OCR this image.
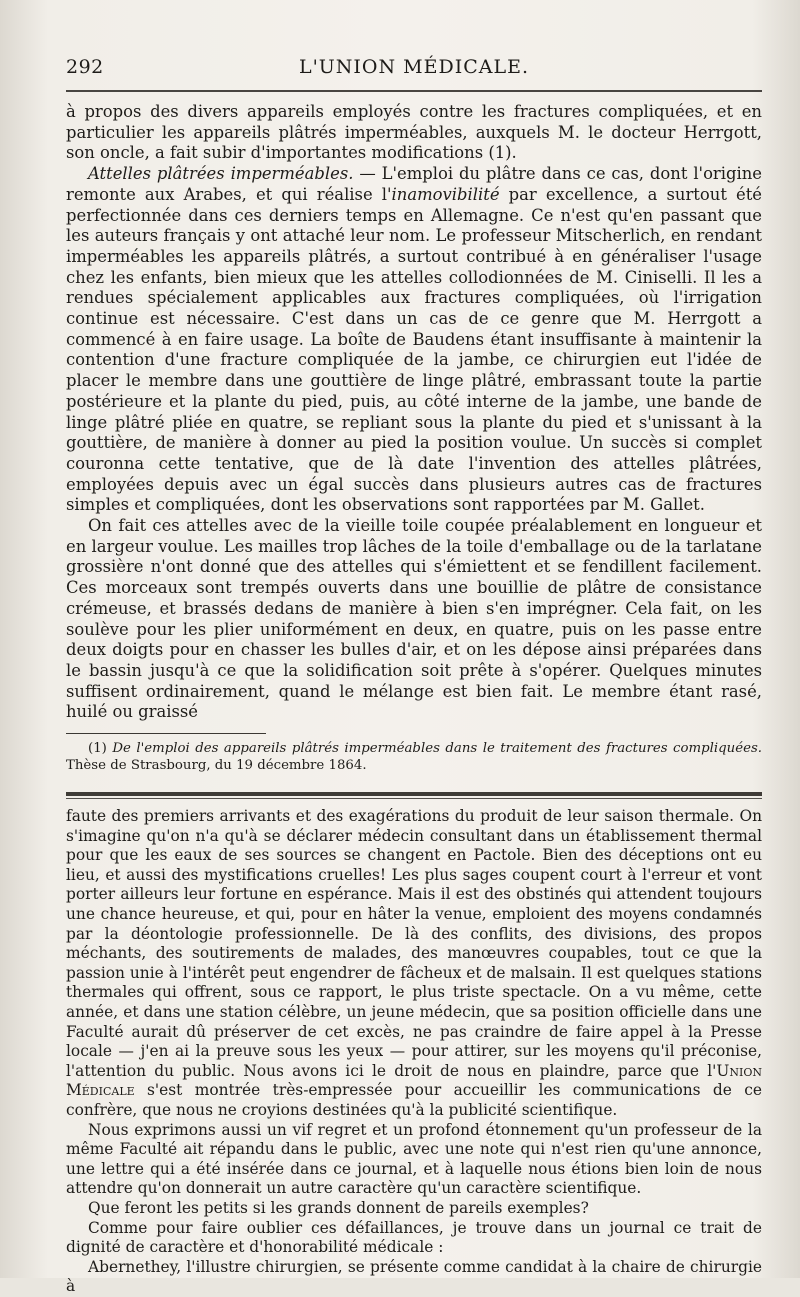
292	L'UNION MÉDICALE.

à propos des divers appareils employés contre les fractures compliquées, et en particulier les appareils plâtrés imperméables, auxquels M. le docteur Herrgott, son oncle, a fait subir d'importantes modifications (1).

Attelles plâtrées imperméables. — L'emploi du plâtre dans ce cas, dont l'origine remonte aux Arabes, et qui réalise l'inamovibilité par excellence, a surtout été perfectionnée dans ces derniers temps en Allemagne. Ce n'est qu'en passant que les auteurs français y ont attaché leur nom. Le professeur Mitscherlich, en rendant imperméables les appareils plâtrés, a surtout contribué à en généraliser l'usage chez les enfants, bien mieux que les attelles collodionnées de M. Ciniselli. Il les a rendues spécialement applicables aux fractures compliquées, où l'irrigation continue est nécessaire. C'est dans un cas de ce genre que M. Herrgott a commencé à en faire usage. La boîte de Baudens étant insuffisante à maintenir la contention d'une fracture compliquée de la jambe, ce chirurgien eut l'idée de placer le membre dans une gouttière de linge plâtré, embrassant toute la partie postérieure et la plante du pied, puis, au côté interne de la jambe, une bande de linge plâtré pliée en quatre, se repliant sous la plante du pied et s'unissant à la gouttière, de manière à donner au pied la position voulue. Un succès si complet couronna cette tentative, que de là date l'invention des attelles plâtrées, employées depuis avec un égal succès dans plusieurs autres cas de fractures simples et compliquées, dont les observations sont rapportées par M. Gallet.

On fait ces attelles avec de la vieille toile coupée préalablement en longueur et en largeur voulue. Les mailles trop lâches de la toile d'emballage ou de la tarlatane grossière n'ont donné que des attelles qui s'émiettent et se fendillent facilement. Ces morceaux sont trempés ouverts dans une bouillie de plâtre de consistance crémeuse, et brassés dedans de manière à bien s'en imprégner. Cela fait, on les soulève pour les plier uniformément en deux, en quatre, puis on les passe entre deux doigts pour en chasser les bulles d'air, et on les dépose ainsi préparées dans le bassin jusqu'à ce que la solidification soit prête à s'opérer. Quelques minutes suffisent ordinairement, quand le mélange est bien fait. Le membre étant rasé, huilé ou graissé

(1) De l'emploi des appareils plâtrés imperméables dans le traitement des fractures compliquées. Thèse de Strasbourg, du 19 décembre 1864.

faute des premiers arrivants et des exagérations du produit de leur saison thermale. On s'imagine qu'on n'a qu'à se déclarer médecin consultant dans un établissement thermal pour que les eaux de ses sources se changent en Pactole. Bien des déceptions ont eu lieu, et aussi des mystifications cruelles! Les plus sages coupent court à l'erreur et vont porter ailleurs leur fortune en espérance. Mais il est des obstinés qui attendent toujours une chance heureuse, et qui, pour en hâter la venue, emploient des moyens condamnés par la déontologie professionnelle. De là des conflits, des divisions, des propos méchants, des soutirements de malades, des manœuvres coupables, tout ce que la passion unie à l'intérêt peut engendrer de fâcheux et de malsain. Il est quelques stations thermales qui offrent, sous ce rapport, le plus triste spectacle. On a vu même, cette année, et dans une station célèbre, un jeune médecin, que sa position officielle dans une Faculté aurait dû préserver de cet excès, ne pas craindre de faire appel à la Presse locale — j'en ai la preuve sous les yeux — pour attirer, sur les moyens qu'il préconise, l'attention du public. Nous avons ici le droit de nous en plaindre, parce que l'Union Médicale s'est montrée très-empressée pour accueillir les communications de ce confrère, que nous ne croyions destinées qu'à la publicité scientifique.

Nous exprimons aussi un vif regret et un profond étonnement qu'un professeur de la même Faculté ait répandu dans le public, avec une note qui n'est rien qu'une annonce, une lettre qui a été insérée dans ce journal, et à laquelle nous étions bien loin de nous attendre qu'on donnerait un autre caractère qu'un caractère scientifique.

Que feront les petits si les grands donnent de pareils exemples?

Comme pour faire oublier ces défaillances, je trouve dans un journal ce trait de dignité de caractère et d'honorabilité médicale :

Abernethey, l'illustre chirurgien, se présente comme candidat à la chaire de chirurgie à
